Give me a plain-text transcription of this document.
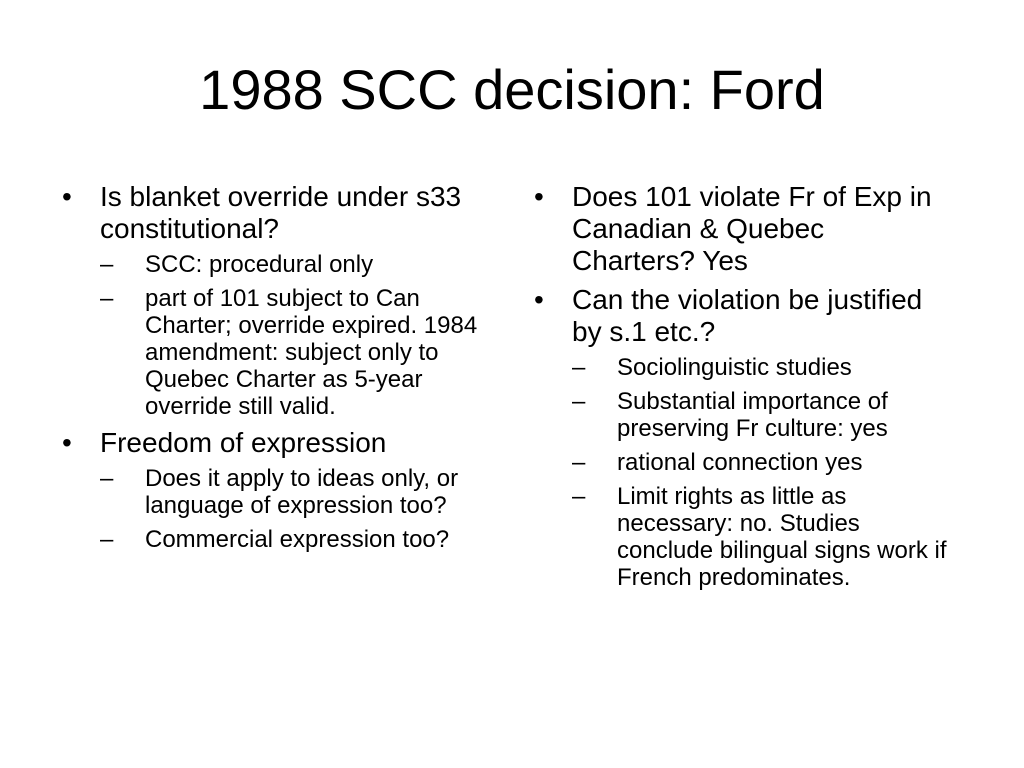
1988 SCC decision: Ford
• Is blanket override under s33 constitutional?
– SCC: procedural only
– part of 101 subject to Can Charter; override expired. 1984 amendment: subject only to Quebec Charter as 5-year override still valid.
• Freedom of expression
– Does it apply to ideas only, or language of expression too?
– Commercial expression too?
• Does 101 violate Fr of Exp in Canadian & Quebec Charters? Yes
• Can the violation be justified by s.1 etc.?
– Sociolinguistic studies
– Substantial importance of preserving Fr culture: yes
– rational connection yes
– Limit rights as little as necessary: no. Studies conclude bilingual signs work if French predominates.
